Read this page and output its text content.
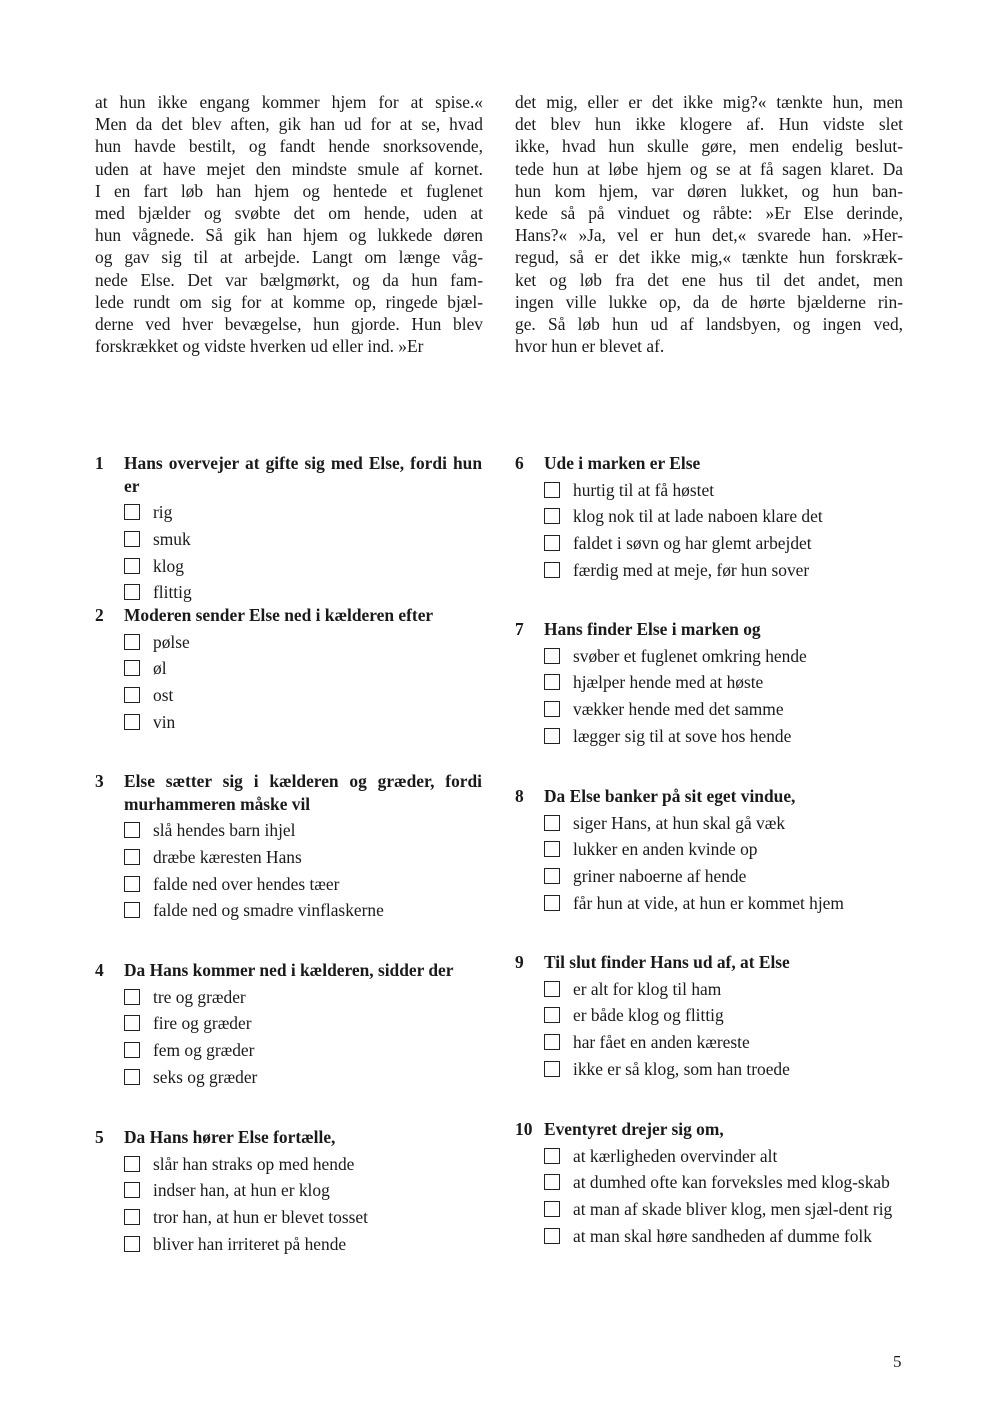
at hun ikke engang kommer hjem for at spise.«
Men da det blev aften, gik han ud for at se, hvad
hun havde bestilt, og fandt hende snorksovende,
uden at have mejet den mindste smule af kornet.
I en fart løb han hjem og hentede et fuglenet
med bjælder og svøbte det om hende, uden at
hun vågnede. Så gik han hjem og lukkede døren
og gav sig til at arbejde. Langt om længe våg-
nede Else. Det var bælgmørkt, og da hun fam-
lede rundt om sig for at komme op, ringede bjæl-
derne ved hver bevægelse, hun gjorde. Hun blev
forskrækket og vidste hverken ud eller ind. »Er
det mig, eller er det ikke mig?« tænkte hun, men
det blev hun ikke klogere af. Hun vidste slet
ikke, hvad hun skulle gøre, men endelig beslut-
tede hun at løbe hjem og se at få sagen klaret. Da
hun kom hjem, var døren lukket, og hun ban-
kede så på vinduet og råbte: »Er Else derinde,
Hans?« »Ja, vel er hun det,« svarede han. »Her-
regud, så er det ikke mig,« tænkte hun forskræk-
ket og løb fra det ene hus til det andet, men
ingen ville lukke op, da de hørte bjælderne rin-
ge. Så løb hun ud af landsbyen, og ingen ved,
hvor hun er blevet af.
1	Hans overvejer at gifte sig med Else, fordi hun er
rig
smuk
klog
flittig
2	Moderen sender Else ned i kælderen efter
pølse
øl
ost
vin
3	Else sætter sig i kælderen og græder, fordi murhammeren måske vil
slå hendes barn ihjel
dræbe kæresten Hans
falde ned over hendes tæer
falde ned og smadre vinflaskerne
4	Da Hans kommer ned i kælderen, sidder der
tre og græder
fire og græder
fem og græder
seks og græder
5	Da Hans hører Else fortælle,
slår han straks op med hende
indser han, at hun er klog
tror han, at hun er blevet tosset
bliver han irriteret på hende
6	Ude i marken er Else
hurtig til at få høstet
klog nok til at lade naboen klare det
faldet i søvn og har glemt arbejdet
færdig med at meje, før hun sover
7	Hans finder Else i marken og
svøber et fuglenet omkring hende
hjælper hende med at høste
vækker hende med det samme
lægger sig til at sove hos hende
8	Da Else banker på sit eget vindue,
siger Hans, at hun skal gå væk
lukker en anden kvinde op
griner naboerne af hende
får hun at vide, at hun er kommet hjem
9	Til slut finder Hans ud af, at Else
er alt for klog til ham
er både klog og flittig
har fået en anden kæreste
ikke er så klog, som han troede
10 Eventyret drejer sig om,
at kærligheden overvinder alt
at dumhed ofte kan forveksles med klog-skab
at man af skade bliver klog, men sjæl-dent rig
at man skal høre sandheden af dumme folk
5
